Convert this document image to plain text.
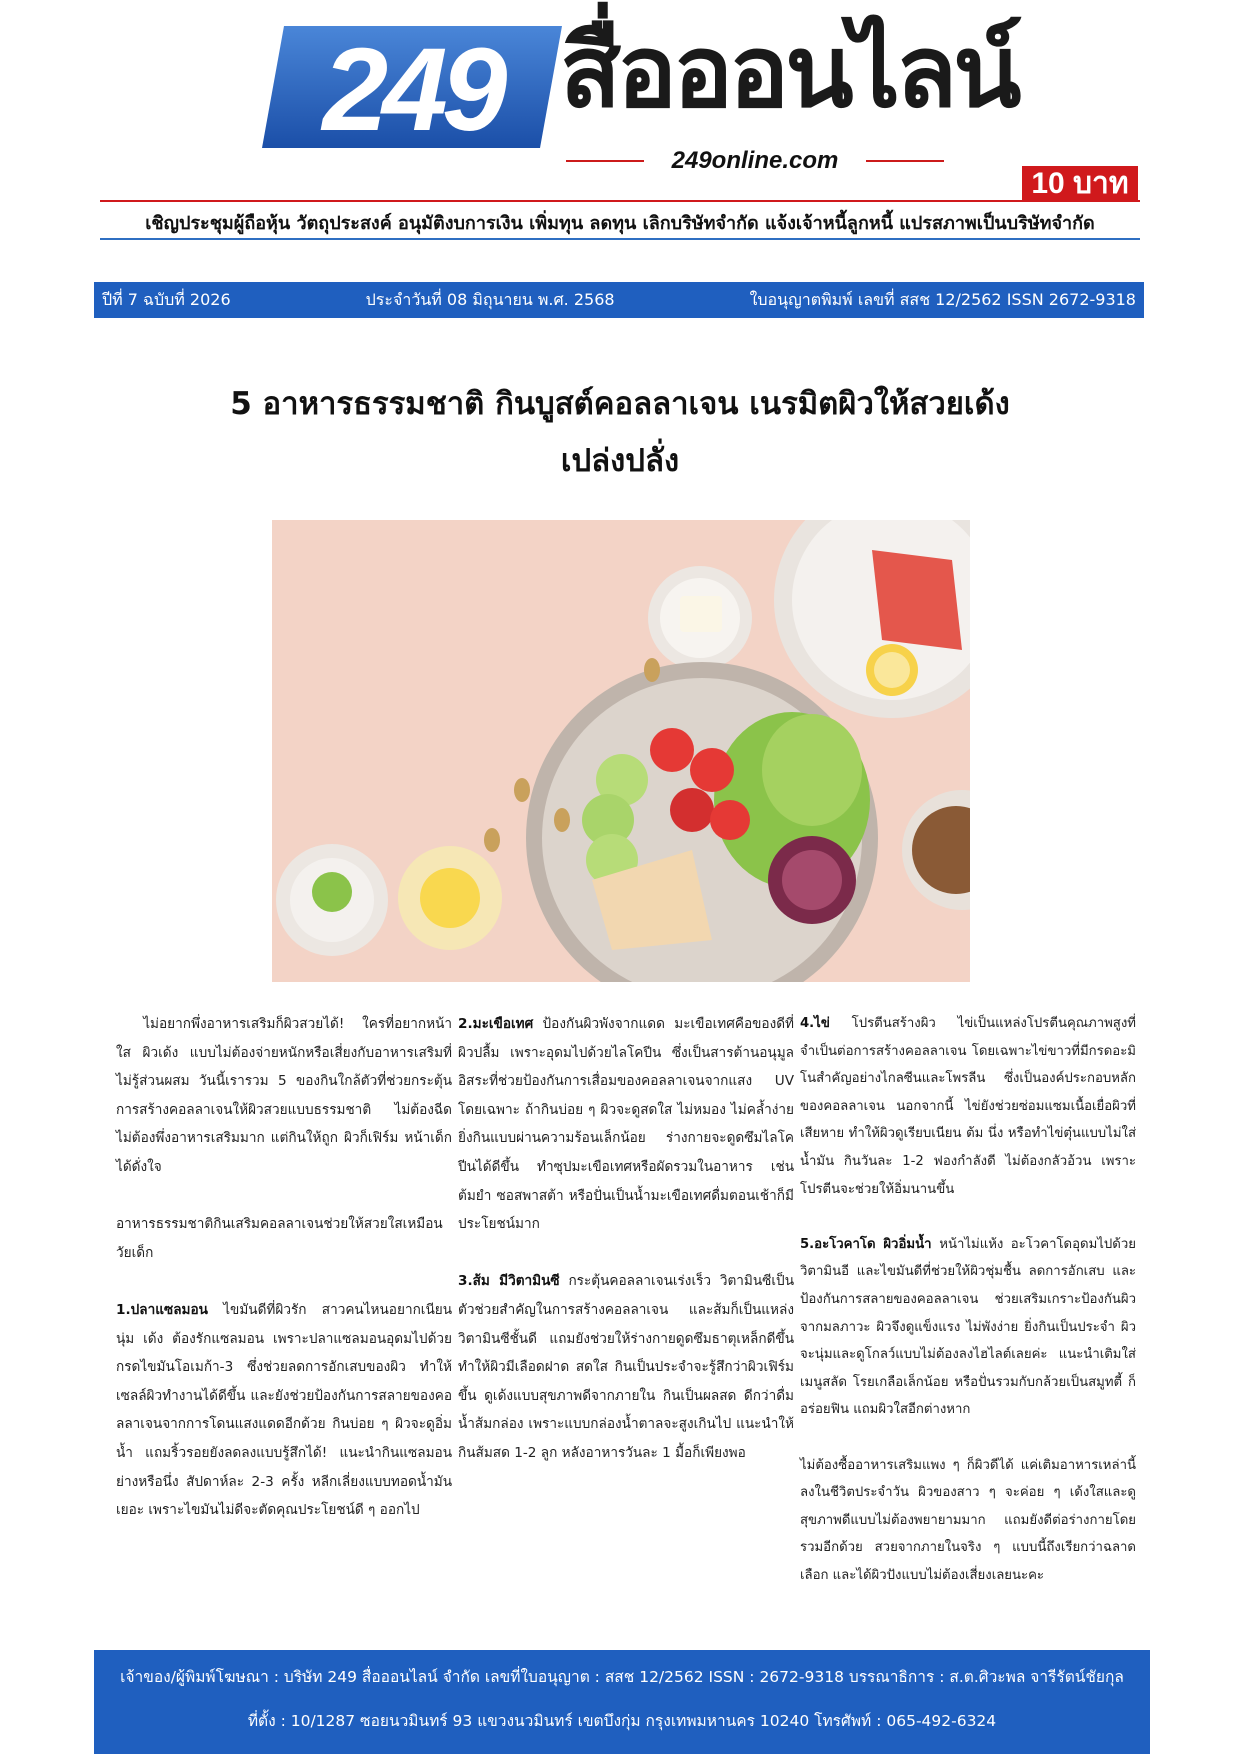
249 สื่อออนไลน์
249online.com
10 บาท
เชิญประชุมผู้ถือหุ้น วัตถุประสงค์ อนุมัติงบการเงิน เพิ่มทุน ลดทุน เลิกบริษัทจำกัด แจ้งเจ้าหนี้ลูกหนี้ แปรสภาพเป็นบริษัทจำกัด
ปีที่ 7 ฉบับที่ 2026	ประจำวันที่ 08 มิถุนายน พ.ศ. 2568	ใบอนุญาตพิมพ์ เลขที่ สสช 12/2562 ISSN 2672-9318
5 อาหารธรรมชาติ กินบูสต์คอลลาเจน เนรมิตผิวให้สวยเด้ง
เปล่งปลั่ง

  ไม่อยากพึ่งอาหารเสริมก็ผิวสวยได้! ใครที่อยากหน้าใส ผิวเด้ง แบบไม่ต้องจ่ายหนักหรือเสี่ยงกับอาหารเสริมที่ไม่รู้ส่วนผสม วันนี้เรารวม 5 ของกินใกล้ตัวที่ช่วยกระตุ้นการสร้างคอลลาเจนให้ผิวสวยแบบธรรมชาติ ไม่ต้องฉีด ไม่ต้องพึ่งอาหารเสริมมาก แต่กินให้ถูก ผิวก็เฟิร์ม หน้าเด็กได้ดั่งใจ

อาหารธรรมชาติกินเสริมคอลลาเจนช่วยให้สวยใสเหมือนวัยเด็ก

1.ปลาแซลมอน ไขมันดีที่ผิวรัก สาวคนไหนอยากเนียน นุ่ม เด้ง ต้องรักแซลมอน เพราะปลาแซลมอนอุดมไปด้วยกรดไขมันโอเมก้า-3 ซึ่งช่วยลดการอักเสบของผิว ทำให้เซลล์ผิวทำงานได้ดีขึ้น และยังช่วยป้องกันการสลายของคอลลาเจนจากการโดนแสงแดดอีกด้วย กินบ่อย ๆ ผิวจะดูอิ่มน้ำ แถมริ้วรอยยังลดลงแบบรู้สึกได้! แนะนำกินแซลมอนย่างหรือนึ่ง สัปดาห์ละ 2-3 ครั้ง หลีกเลี่ยงแบบทอดน้ำมันเยอะ เพราะไขมันไม่ดีจะตัดคุณประโยชน์ดี ๆ ออกไป

2.มะเขือเทศ ป้องกันผิวพังจากแดด มะเขือเทศคือของดีที่ผิวปลื้ม เพราะอุดมไปด้วยไลโคปีน ซึ่งเป็นสารต้านอนุมูลอิสระที่ช่วยป้องกันการเสื่อมของคอลลาเจนจากแสง UV โดยเฉพาะ ถ้ากินบ่อย ๆ ผิวจะดูสดใส ไม่หมอง ไม่คล้ำง่าย ยิ่งกินแบบผ่านความร้อนเล็กน้อย ร่างกายจะดูดซึมไลโคปีนได้ดีขึ้น ทำซุปมะเขือเทศหรือผัดรวมในอาหาร เช่น ต้มยำ ซอสพาสต้า หรือปั่นเป็นน้ำมะเขือเทศดื่มตอนเช้าก็มีประโยชน์มาก

3.ส้ม มีวิตามินซี กระตุ้นคอลลาเจนเร่งเร็ว วิตามินซีเป็นตัวช่วยสำคัญในการสร้างคอลลาเจน และส้มก็เป็นแหล่งวิตามินซีชั้นดี แถมยังช่วยให้ร่างกายดูดซึมธาตุเหล็กดีขึ้น ทำให้ผิวมีเลือดฝาด สดใส กินเป็นประจำจะรู้สึกว่าผิวเฟิร์มขึ้น ดูเด้งแบบสุขภาพดีจากภายใน กินเป็นผลสด ดีกว่าดื่มน้ำส้มกล่อง เพราะแบบกล่องน้ำตาลจะสูงเกินไป แนะนำให้กินส้มสด 1-2 ลูก หลังอาหารวันละ 1 มื้อก็เพียงพอ

4.ไข่ โปรตีนสร้างผิว ไข่เป็นแหล่งโปรตีนคุณภาพสูงที่จำเป็นต่อการสร้างคอลลาเจน โดยเฉพาะไข่ขาวที่มีกรดอะมิโนสำคัญอย่างไกลซีนและโพรลีน ซึ่งเป็นองค์ประกอบหลักของคอลลาเจน นอกจากนี้ ไข่ยังช่วยซ่อมแซมเนื้อเยื่อผิวที่เสียหาย ทำให้ผิวดูเรียบเนียน ต้ม นึ่ง หรือทำไข่ตุ๋นแบบไม่ใส่น้ำมัน กินวันละ 1-2 ฟองกำลังดี ไม่ต้องกลัวอ้วน เพราะโปรตีนจะช่วยให้อิ่มนานขึ้น

5.อะโวคาโด ผิวอิ่มน้ำ หน้าไม่แห้ง อะโวคาโดอุดมไปด้วยวิตามินอี และไขมันดีที่ช่วยให้ผิวชุ่มชื้น ลดการอักเสบ และป้องกันการสลายของคอลลาเจน ช่วยเสริมเกราะป้องกันผิวจากมลภาวะ ผิวจึงดูแข็งแรง ไม่พังง่าย ยิ่งกินเป็นประจำ ผิวจะนุ่มและดูโกลว์แบบไม่ต้องลงไฮไลต์เลยค่ะ แนะนำเติมใส่เมนูสลัด โรยเกลือเล็กน้อย หรือปั่นรวมกับกล้วยเป็นสมูทตี้ ก็อร่อยฟิน แถมผิวใสอีกต่างหาก

ไม่ต้องซื้ออาหารเสริมแพง ๆ ก็ผิวดีได้ แค่เติมอาหารเหล่านี้ลงในชีวิตประจำวัน ผิวของสาว ๆ จะค่อย ๆ เด้งใสและดูสุขภาพดีแบบไม่ต้องพยายามมาก แถมยังดีต่อร่างกายโดยรวมอีกด้วย สวยจากภายในจริง ๆ แบบนี้ถึงเรียกว่าฉลาดเลือก และได้ผิวปังแบบไม่ต้องเสี่ยงเลยนะคะ

เจ้าของ/ผู้พิมพ์โฆษณา : บริษัท 249 สื่อออนไลน์ จำกัด เลขที่ใบอนุญาต : สสช 12/2562 ISSN : 2672-9318 บรรณาธิการ : ส.ต.ศิวะพล จารีรัตน์ชัยกุล
ที่ตั้ง : 10/1287 ซอยนวมินทร์ 93 แขวงนวมินทร์ เขตบึงกุ่ม กรุงเทพมหานคร 10240 โทรศัพท์ : 065-492-6324
